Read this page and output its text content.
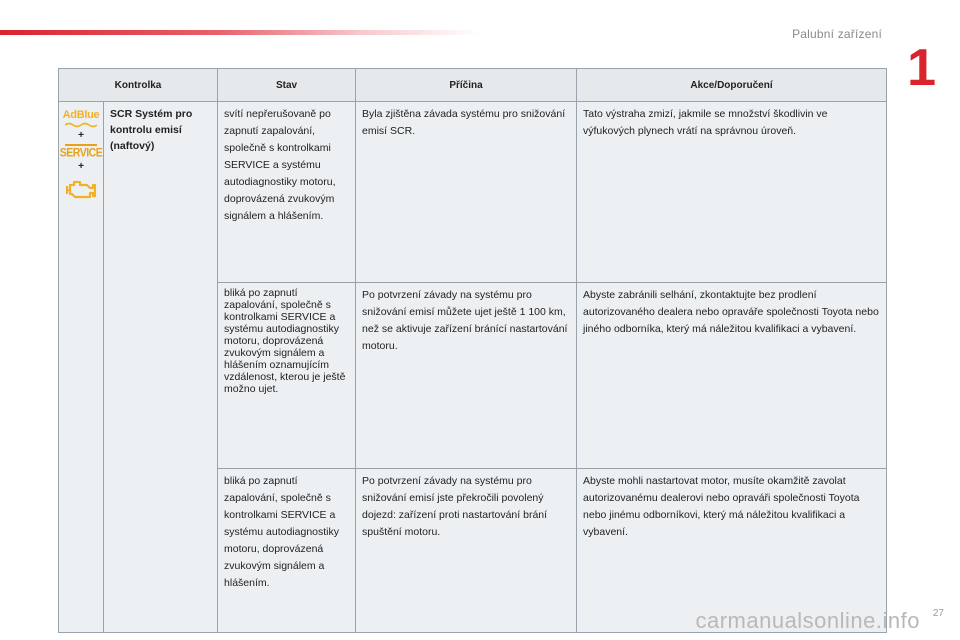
Palubní zařízení
1
Kontrolka		Stav	Příčina	Akce/Doporučení

AdBlue
+
SERVICE
+	SCR Systém pro kontrolu emisí (naftový)	svítí nepřerušovaně po zapnutí zapalování, společně s kontrolkami SERVICE a systému autodiagnostiky motoru, doprovázená zvukovým signálem a hlášením.	Byla zjištěna závada systému pro snižování emisí SCR.	Tato výstraha zmizí, jakmile se množství škodlivin ve výfukových plynech vrátí na správnou úroveň.
		bliká po zapnutí zapalování, společně s kontrolkami SERVICE a systému autodiagnostiky motoru, doprovázená zvukovým signálem a hlášením oznamujícím vzdálenost, kterou je ještě možno ujet.	Po potvrzení závady na systému pro snižování emisí můžete ujet ještě 1 100 km, než se aktivuje zařízení bránící nastartování motoru.	Abyste zabránili selhání, zkontaktujte bez prodlení autorizovaného dealera nebo opraváře společnosti Toyota nebo jiného odborníka, který má náležitou kvalifikaci a vybavení.
		bliká po zapnutí zapalování, společně s kontrolkami SERVICE a systému autodiagnostiky motoru, doprovázená zvukovým signálem a hlášením.	Po potvrzení závady na systému pro snižování emisí jste překročili povolený dojezd: zařízení proti nastartování brání spuštění motoru.	Abyste mohli nastartovat motor, musíte okamžitě zavolat autorizovanému dealerovi nebo opraváři společnosti Toyota nebo jinému odborníkovi, který má náležitou kvalifikaci a vybavení.
carmanualsonline.info 27
